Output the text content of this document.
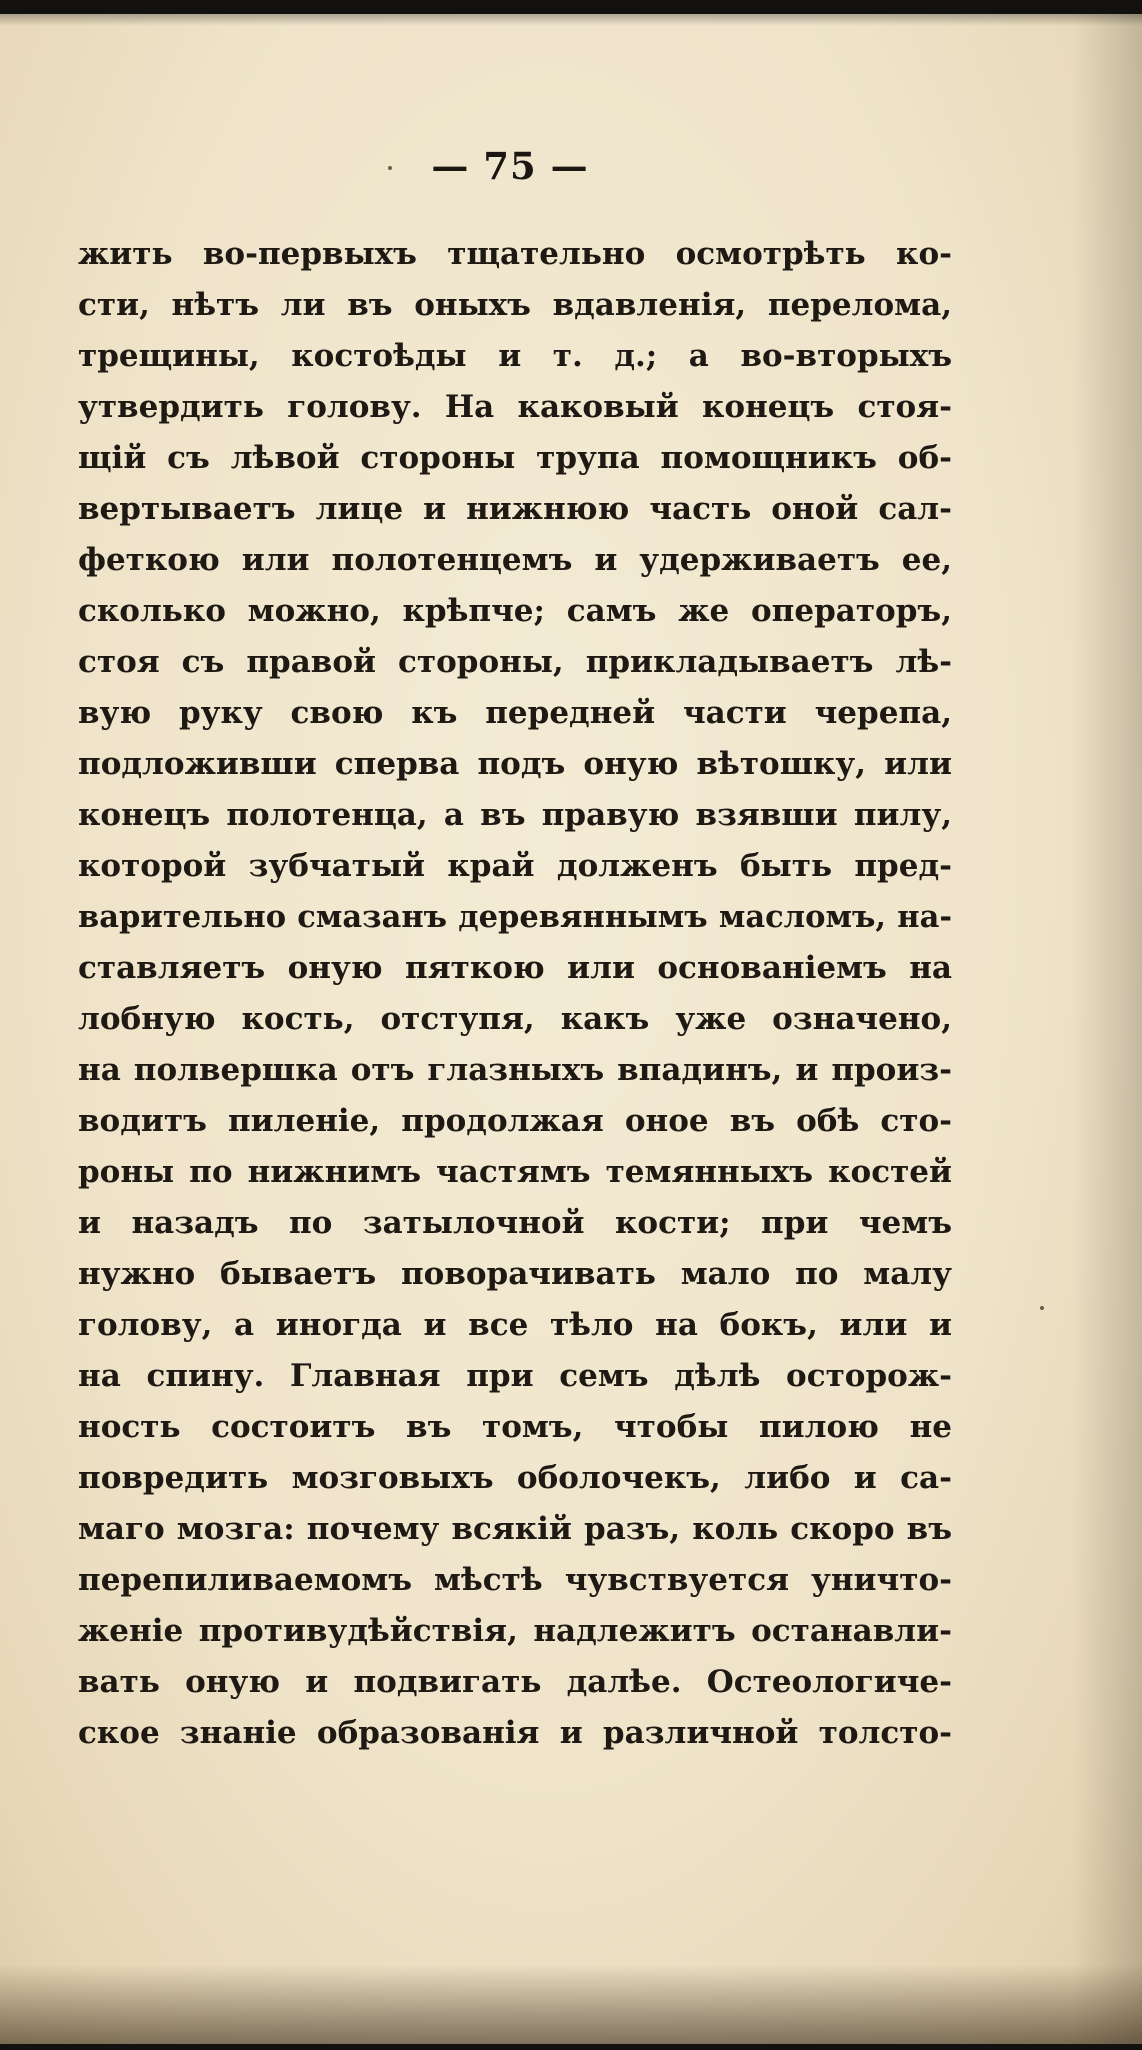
— 75 —
жить во-первыхъ тщательно осмотрѣть ко-
сти, нѣтъ ли въ оныхъ вдавленія, перелома,
трещины, костоѣды и т. д.; а во-вторыхъ
утвердить голову. На каковый конецъ стоя-
щій съ лѣвой стороны трупа помощникъ об-
вертываетъ лице и нижнюю часть оной сал-
феткою или полотенцемъ и удерживаетъ ее,
сколько можно, крѣпче; самъ же операторъ,
стоя съ правой стороны, прикладываетъ лѣ-
вую руку свою къ передней части черепа,
подложивши сперва подъ оную вѣтошку, или
конецъ полотенца, а въ правую взявши пилу,
которой зубчатый край долженъ быть пред-
варительно смазанъ деревяннымъ масломъ, на-
ставляетъ оную пяткою или основаніемъ на
лобную кость, отступя, какъ уже означено,
на полвершка отъ глазныхъ впадинъ, и произ-
водитъ пиленіе, продолжая оное въ обѣ сто-
роны по нижнимъ частямъ темянныхъ костей
и назадъ по затылочной кости; при чемъ
нужно бываетъ поворачивать мало по малу
голову, а иногда и все тѣло на бокъ, или и
на спину. Главная при семъ дѣлѣ осторож-
ность состоитъ въ томъ, чтобы пилою не
повредить мозговыхъ оболочекъ, либо и са-
маго мозга: почему всякій разъ, коль скоро въ
перепиливаемомъ мѣстѣ чувствуется уничто-
женіе противудѣйствія, надлежитъ останавли-
вать оную и подвигать далѣе. Остеологиче-
ское знаніе образованія и различной толсто-
